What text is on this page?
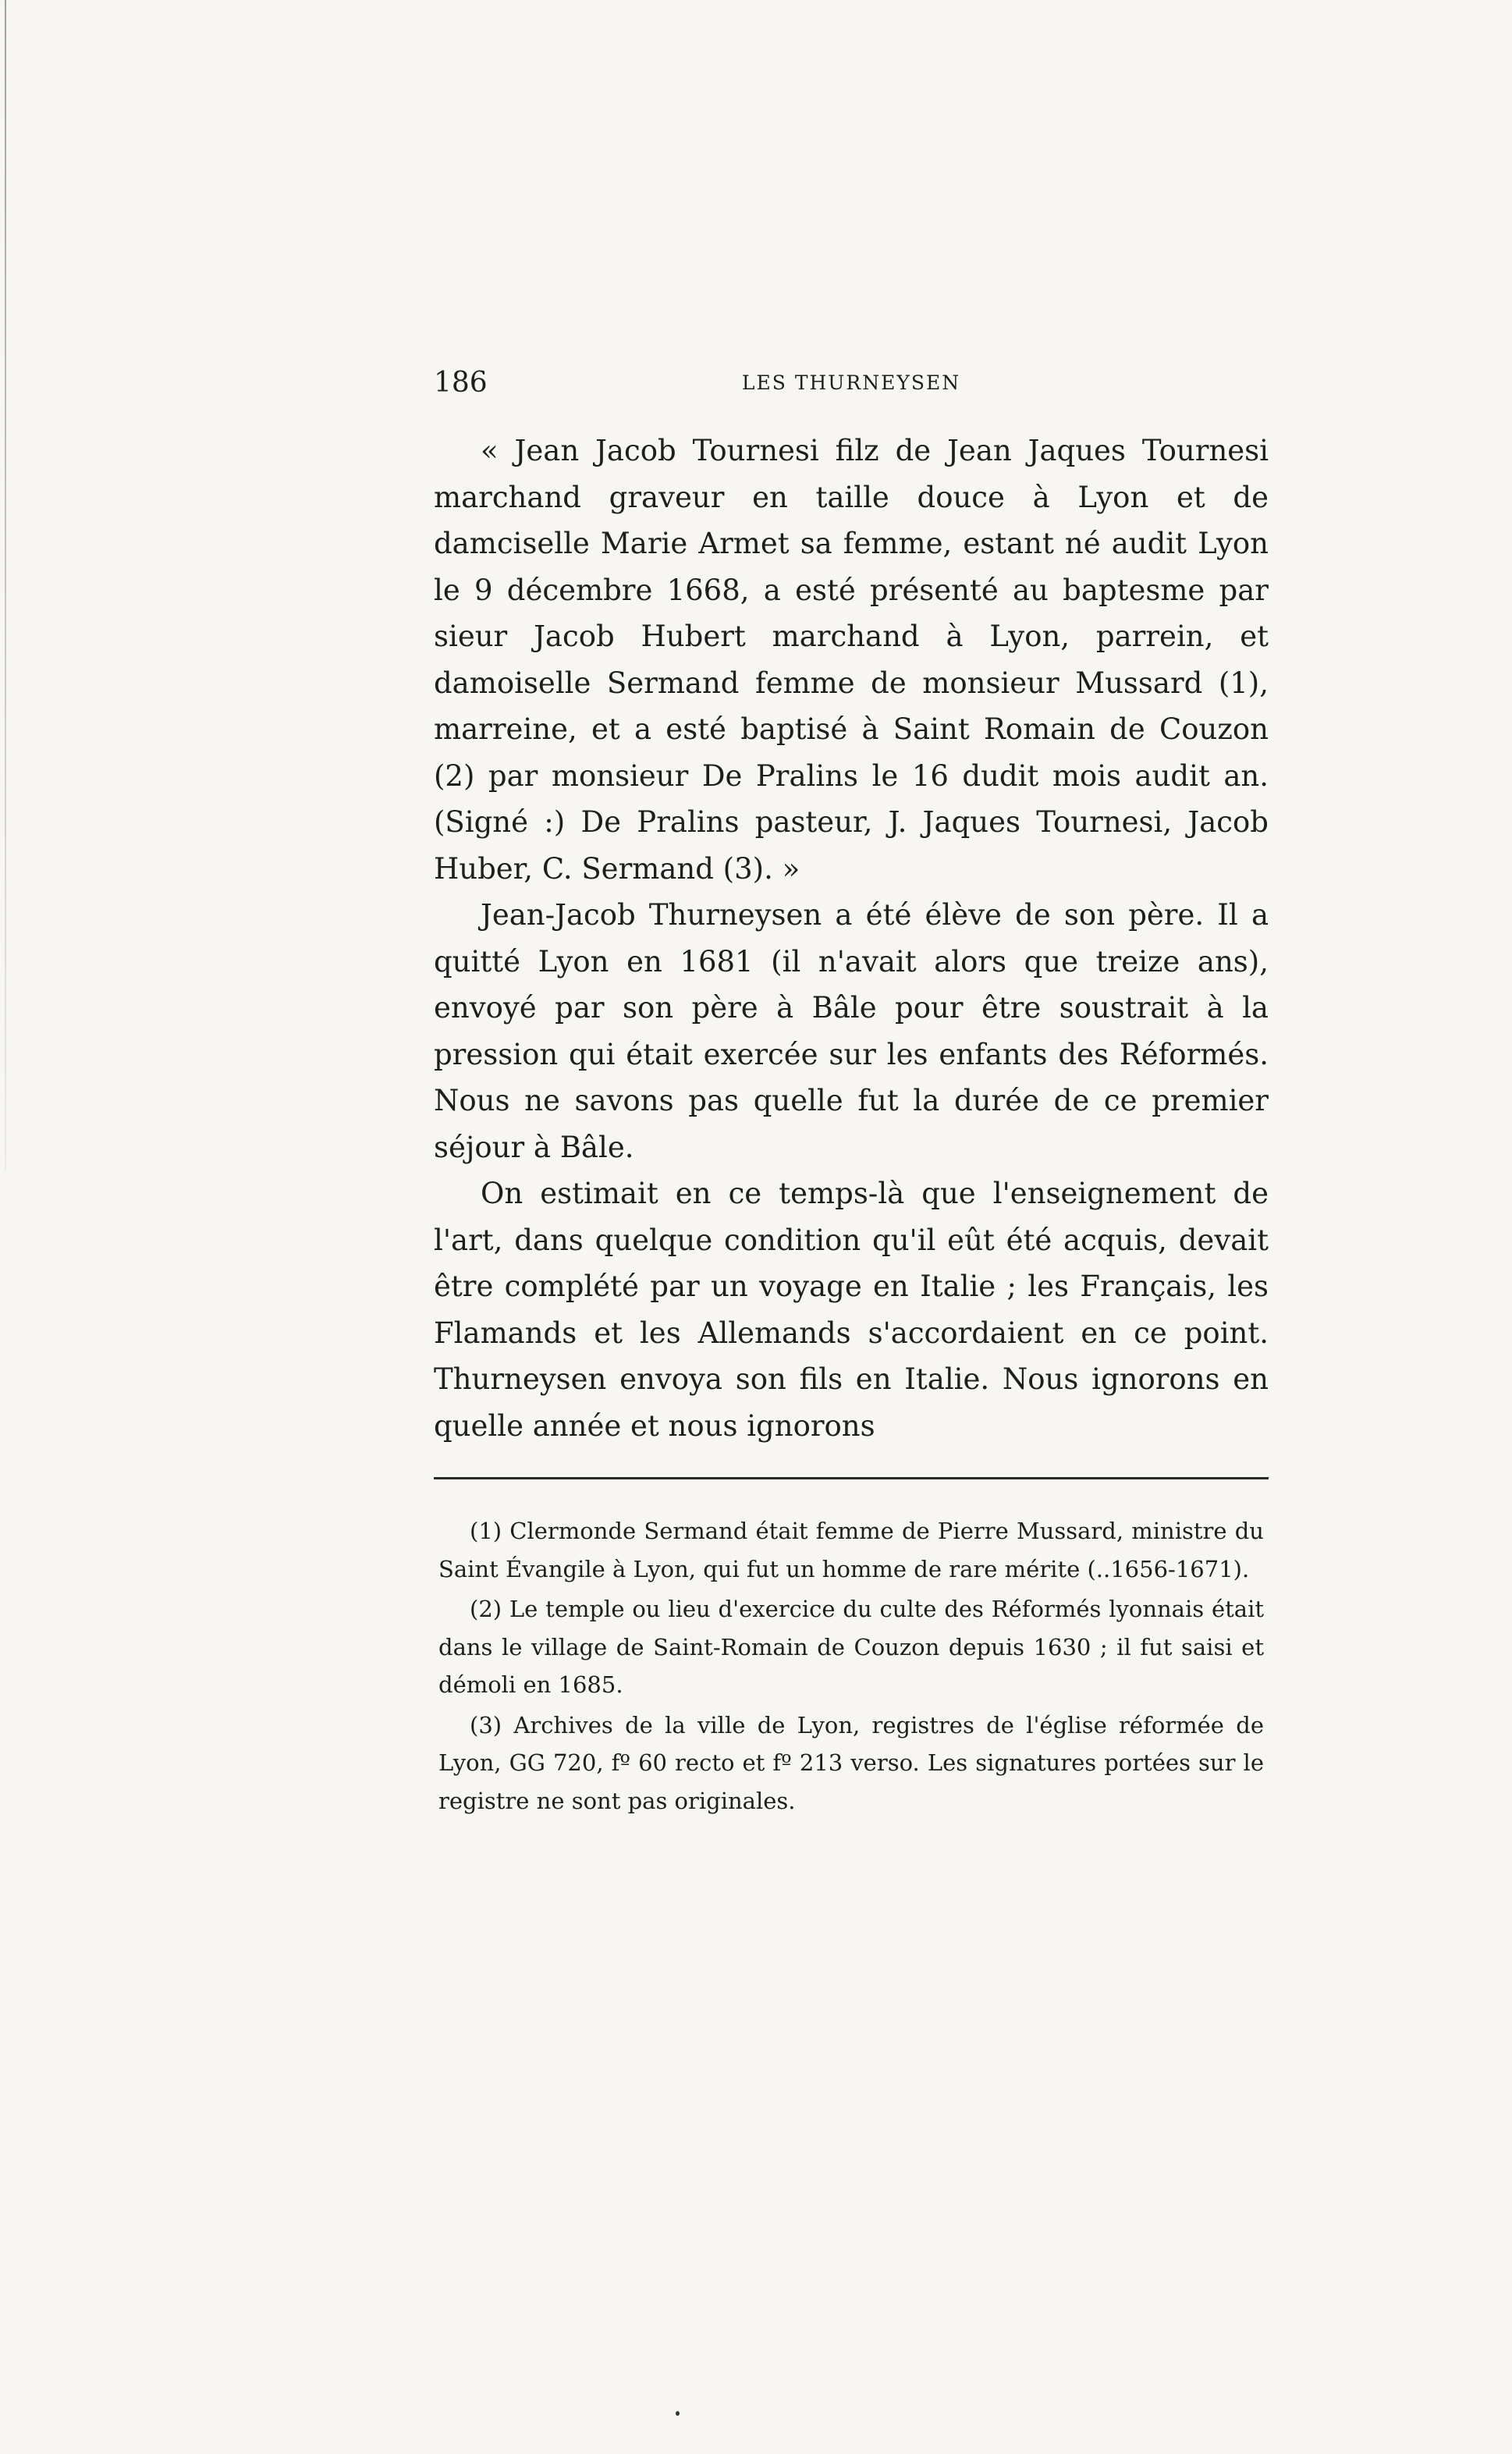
186	LES THURNEYSEN

« Jean Jacob Tournesi filz de Jean Jaques Tournesi marchand graveur en taille douce à Lyon et de damciselle Marie Armet sa femme, estant né audit Lyon le 9 décembre 1668, a esté présenté au baptesme par sieur Jacob Hubert marchand à Lyon, parrein, et damoiselle Sermand femme de monsieur Mussard (1), marreine, et a esté baptisé à Saint Romain de Couzon (2) par monsieur De Pralins le 16 dudit mois audit an. (Signé :) De Pralins pasteur, J. Jaques Tournesi, Jacob Huber, C. Sermand (3). »

Jean-Jacob Thurneysen a été élève de son père. Il a quitté Lyon en 1681 (il n'avait alors que treize ans), envoyé par son père à Bâle pour être soustrait à la pression qui était exercée sur les enfants des Réformés. Nous ne savons pas quelle fut la durée de ce premier séjour à Bâle.

On estimait en ce temps-là que l'enseignement de l'art, dans quelque condition qu'il eût été acquis, devait être complété par un voyage en Italie ; les Français, les Flamands et les Allemands s'accordaient en ce point. Thurneysen envoya son fils en Italie. Nous ignorons en quelle année et nous ignorons

(1) Clermonde Sermand était femme de Pierre Mussard, ministre du Saint Évangile à Lyon, qui fut un homme de rare mérite (..1656-1671).

(2) Le temple ou lieu d'exercice du culte des Réformés lyonnais était dans le village de Saint-Romain de Couzon depuis 1630 ; il fut saisi et démoli en 1685.

(3) Archives de la ville de Lyon, registres de l'église réformée de Lyon, GG 720, fº 60 recto et fº 213 verso. Les signatures portées sur le registre ne sont pas originales.
